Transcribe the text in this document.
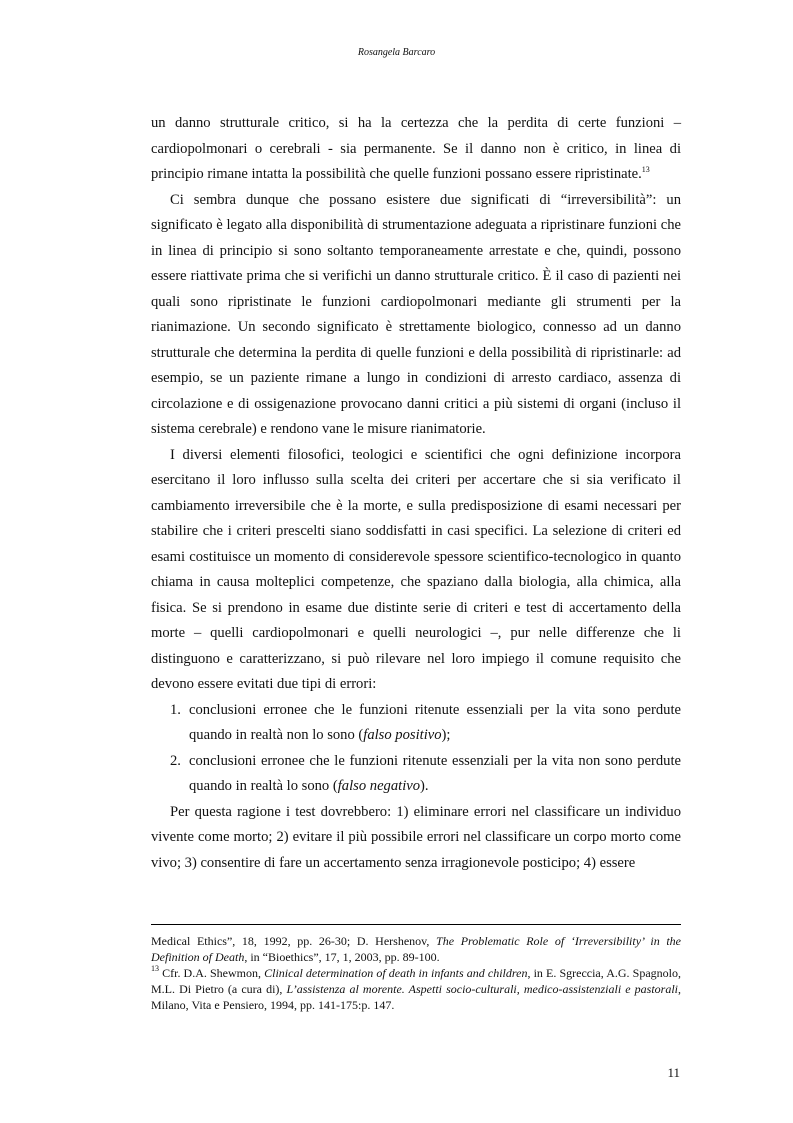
Rosangela Barcaro

un danno strutturale critico, si ha la certezza che la perdita di certe funzioni – cardiopolmonari o cerebrali - sia permanente. Se il danno non è critico, in linea di principio rimane intatta la possibilità che quelle funzioni possano essere ripristinate.$^{13}$

Ci sembra dunque che possano esistere due significati di “irreversibilità”: un significato è legato alla disponibilità di strumentazione adeguata a ripristinare funzioni che in linea di principio si sono soltanto temporaneamente arrestate e che, quindi, possono essere riattivate prima che si verifichi un danno strutturale critico. È il caso di pazienti nei quali sono ripristinate le funzioni cardiopolmonari mediante gli strumenti per la rianimazione. Un secondo significato è strettamente biologico, connesso ad un danno strutturale che determina la perdita di quelle funzioni e della possibilità di ripristinarle: ad esempio, se un paziente rimane a lungo in condizioni di arresto cardiaco, assenza di circolazione e di ossigenazione provocano danni critici a più sistemi di organi (incluso il sistema cerebrale) e rendono vane le misure rianimatorie.

I diversi elementi filosofici, teologici e scientifici che ogni definizione incorpora esercitano il loro influsso sulla scelta dei criteri per accertare che si sia verificato il cambiamento irreversibile che è la morte, e sulla predisposizione di esami necessari per stabilire che i criteri prescelti siano soddisfatti in casi specifici. La selezione di criteri ed esami costituisce un momento di considerevole spessore scientifico-tecnologico in quanto chiama in causa molteplici competenze, che spaziano dalla biologia, alla chimica, alla fisica. Se si prendono in esame due distinte serie di criteri e test di accertamento della morte – quelli cardiopolmonari e quelli neurologici –, pur nelle differenze che li distinguono e caratterizzano, si può rilevare nel loro impiego il comune requisito che devono essere evitati due tipi di errori:

1. conclusioni erronee che le funzioni ritenute essenziali per la vita sono perdute quando in realtà non lo sono (falso positivo);
2. conclusioni erronee che le funzioni ritenute essenziali per la vita non sono perdute quando in realtà lo sono (falso negativo).

Per questa ragione i test dovrebbero: 1) eliminare errori nel classificare un individuo vivente come morto; 2) evitare il più possibile errori nel classificare un corpo morto come vivo; 3) consentire di fare un accertamento senza irragionevole posticipo; 4) essere

Medical Ethics”, 18, 1992, pp. 26-30; D. Hershenov, The Problematic Role of ‘Irreversibility’ in the Definition of Death, in “Bioethics”, 17, 1, 2003, pp. 89-100.

$^{13}$ Cfr. D.A. Shewmon, Clinical determination of death in infants and children, in E. Sgreccia, A.G. Spagnolo, M.L. Di Pietro (a cura di), L’assistenza al morente. Aspetti socio-culturali, medico-assistenziali e pastorali, Milano, Vita e Pensiero, 1994, pp. 141-175:p. 147.

11
